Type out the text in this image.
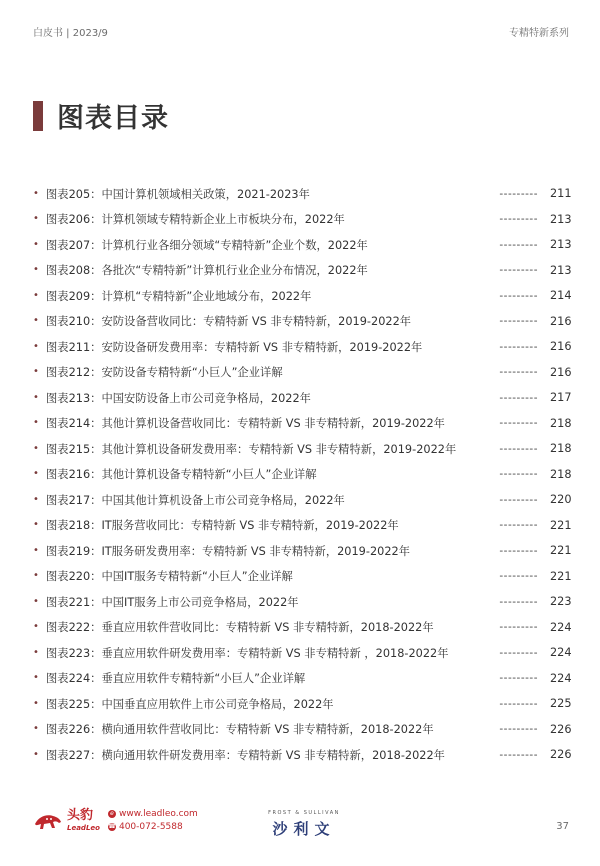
白皮书 | 2023/9	专精特新系列
图表目录
• 图表205：中国计算机领域相关政策，2021-2023年	--------- 211
• 图表206：计算机领域专精特新企业上市板块分布，2022年	--------- 213
• 图表207：计算机行业各细分领域“专精特新”企业个数，2022年	--------- 213
• 图表208：各批次“专精特新”计算机行业企业分布情况，2022年	--------- 213
• 图表209：计算机“专精特新”企业地域分布，2022年	--------- 214
• 图表210：安防设备营收同比：专精特新 VS 非专精特新，2019-2022年	--------- 216
• 图表211：安防设备研发费用率：专精特新 VS 非专精特新，2019-2022年	--------- 216
• 图表212：安防设备专精特新“小巨人”企业详解	--------- 216
• 图表213：中国安防设备上市公司竞争格局，2022年	--------- 217
• 图表214：其他计算机设备营收同比：专精特新 VS 非专精特新，2019-2022年	--------- 218
• 图表215：其他计算机设备研发费用率：专精特新 VS 非专精特新，2019-2022年	--------- 218
• 图表216：其他计算机设备专精特新“小巨人”企业详解	--------- 218
• 图表217：中国其他计算机设备上市公司竞争格局，2022年	--------- 220
• 图表218：IT服务营收同比：专精特新 VS 非专精特新，2019-2022年	--------- 221
• 图表219：IT服务研发费用率：专精特新 VS 非专精特新，2019-2022年	--------- 221
• 图表220：中国IT服务专精特新“小巨人”企业详解	--------- 221
• 图表221：中国IT服务上市公司竞争格局，2022年	--------- 223
• 图表222：垂直应用软件营收同比：专精特新 VS 非专精特新，2018-2022年	--------- 224
• 图表223：垂直应用软件研发费用率：专精特新 VS 非专精特新 ，2018-2022年	--------- 224
• 图表224：垂直应用软件专精特新“小巨人”企业详解	--------- 224
• 图表225：中国垂直应用软件上市公司竞争格局，2022年	--------- 225
• 图表226：横向通用软件营收同比：专精特新 VS 非专精特新，2018-2022年	--------- 226
• 图表227：横向通用软件研发费用率：专精特新 VS 非专精特新，2018-2022年	--------- 226
头豹
LeadLeo
e www.leadleo.com
☎ 400-072-5588
FROST & SULLIVAN
沙利文	37
